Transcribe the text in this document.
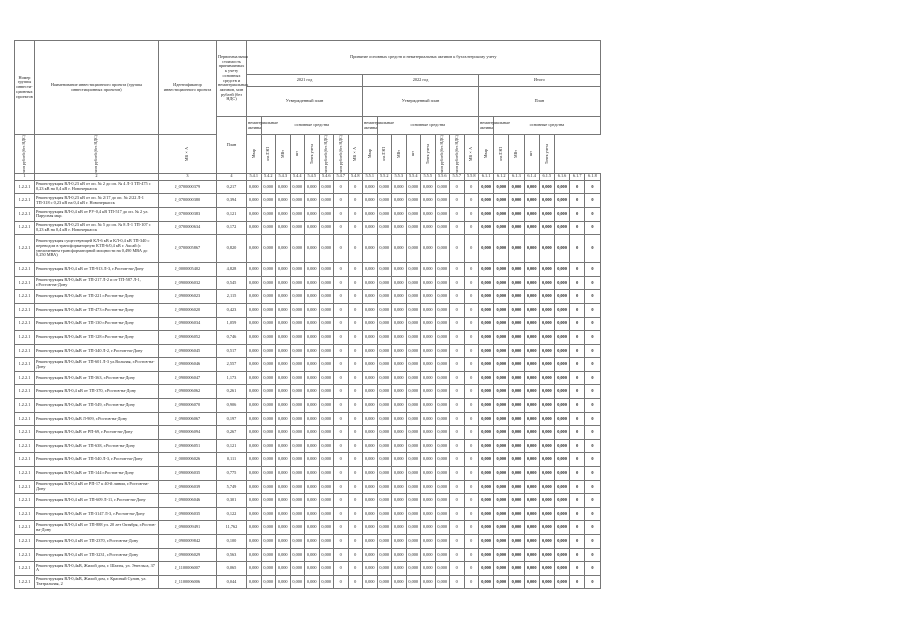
Номер группы инвести-ционных проектов	Наименование инвестиционного проекта (группы инвестиционных проектов)	Идентификатор инвестиционного проекта	Первоначальная стоимость принимаемых к учету основных средств и нематериальных активов, млн рублей (без НДС)	Принятие основных средств и нематериальных активов к бухгалтерскому учету																							
				2021 год								2022 год								Итого							
				Утвержденный план								Утвержденный план								План							
			План	нематериальные активы	основные средства							нематериальные активы	основные средства							нематериальные активы	основные средства						

млн рублей (без НДС)	млн рублей (без НДС)	МВ×А		Мвар	км ЛЭП	МВт	шт	Точек учета	млн рублей (без НДС)	млн рублей (без НДС)	МВ×А	Мвар	км ЛЭП	МВт	шт	Точек учета	млн рублей (без НДС)	млн рублей (без НДС)	МВ×А	Мвар	км ЛЭП	МВт	шт	Точек учета			

1	2	3	4	5.4.1	5.4.2	5.4.3	5.4.4	5.4.5	5.4.6	5.4.7	5.4.8	5.5.1	5.5.2	5.5.3	5.5.4	5.5.5	5.5.6	5.5.7	5.5.8	6.1.1	6.1.2	6.1.3	6.1.4	6.1.5	6.1.6	6.1.7	6.1.8
1.2.2.1	Реконструкция ВЛ-0,23 кВ от оп. № 2 до оп. № 4 Л-3 ТП-475 с 0,23 кВ на 0,4 кВ г. Новочеркасск	J_0700000379	0,217	0,000	0,000	0,000	0,000	0,000	0,000	0	0	0,000	0,000	0,000	0,000	0,000	0,000	0	0	0,000	0,000	0,000	0,000	0,000	0,000	0	0
1.2.2.1	Реконструкция ВЛ-0,23 кВ от оп. № 2/17 до оп. № 2/22 Л-1 ТП-318 с 0,23 кВ на 0,4 кВ г. Новочеркасск	J_0700000380	0,394	0,000	0,000	0,000	0,000	0,000	0,000	0	0	0,000	0,000	0,000	0,000	0,000	0,000	0	0	0,000	0,000	0,000	0,000	0,000	0,000	0	0
1.2.2.1	Реконструкция ВЛ-0,4 кВ от РУ-0,4 кВ ТП-517 до оп. № 2 ул. Парусная мкр.	J_0700000383	0,121	0,000	0,000	0,000	0,000	0,000	0,000	0	0	0,000	0,000	0,000	0,000	0,000	0,000	0	0	0,000	0,000	0,000	0,000	0,000	0,000	0	0
1.2.2.1	Реконструкция ВЛ-0,23 кВ от оп. № 5 до оп. № 8 Л-1 ТП-107 с 0,23 кВ на 0,4 кВ г. Новочеркасск	J_0700000634	0,172	0,000	0,000	0,000	0,000	0,000	0,000	0	0	0,000	0,000	0,000	0,000	0,000	0,000	0	0	0,000	0,000	0,000	0,000	0,000	0,000	0	0
1.2.2.1	Реконструкция существующей КЛ-6 кВ и КЛ-0,4 кВ ТП-340 с переводом в трансформаторную КТП-6/0,4 кВ г. Аксай (с увеличением трансформаторной мощности на 0,490 МВА до 0,250 МВА)	J_0700005867	0,820	0,000	0,000	0,000	0,000	0,000	0,000	0	0	0,000	0,000	0,000	0,000	0,000	0,000	0	0	0,000	0,000	0,000	0,000	0,000	0,000	0	0
1.2.2.1	Реконструкция ВЛ-0,4 кВ от ТП-913 Л-3, г.Ростов-на-Дону	J_0000005402	4,828	0,000	0,000	0,000	0,000	0,000	0,000	0	0	0,000	0,000	0,000	0,000	0,000	0,000	0	0	0,000	0,000	0,000	0,000	0,000	0,000	0	0
1.2.2.1	Реконструкция ВЛ-0,4кВ от ТП-217 Л-2 и от ТП-587 Л-1, г.Ростов-на-Дону	J_0900006032	0,545	0,000	0,000	0,000	0,000	0,000	0,000	0	0	0,000	0,000	0,000	0,000	0,000	0,000	0	0	0,000	0,000	0,000	0,000	0,000	0,000	0	0
1.2.2.1	Реконструкция ВЛ-0,4кВ от ТП-221 г.Ростов-на-Дону	J_0900006023	2,115	0,000	0,000	0,000	0,000	0,000	0,000	0	0	0,000	0,000	0,000	0,000	0,000	0,000	0	0	0,000	0,000	0,000	0,000	0,000	0,000	0	0
1.2.2.1	Реконструкция ВЛ-0,4кВ от ТП-473 г.Ростов-на-Дону	J_0900006020	0,423	0,000	0,000	0,000	0,000	0,000	0,000	0	0	0,000	0,000	0,000	0,000	0,000	0,000	0	0	0,000	0,000	0,000	0,000	0,000	0,000	0	0
1.2.2.1	Реконструкция ВЛ-0,4кВ от ТП-130 г.Ростов-на-Дону	J_0900006034	1,059	0,000	0,000	0,000	0,000	0,000	0,000	0	0	0,000	0,000	0,000	0,000	0,000	0,000	0	0	0,000	0,000	0,000	0,000	0,000	0,000	0	0
1.2.2.1	Реконструкция ВЛ-0,4кВ от ТП-128 г.Ростов-на-Дону	J_0900006052	0,746	0,000	0,000	0,000	0,000	0,000	0,000	0	0	0,000	0,000	0,000	0,000	0,000	0,000	0	0	0,000	0,000	0,000	0,000	0,000	0,000	0	0
1.2.2.1	Реконструкция ВЛ-0,4кВ от ТП-340 Л-2, г.Ростов-на-Дону	J_0900006045	0,517	0,000	0,000	0,000	0,000	0,000	0,000	0	0	0,000	0,000	0,000	0,000	0,000	0,000	0	0	0,000	0,000	0,000	0,000	0,000	0,000	0	0
1.2.2.1	Реконструкция ВЛ-0,4кВ от ТП-601 Л-3 ул.Вольная, г.Ростов-на-Дону	J_0900006046	2,557	0,000	0,000	0,000	0,000	0,000	0,000	0	0	0,000	0,000	0,000	0,000	0,000	0,000	0	0	0,000	0,000	0,000	0,000	0,000	0,000	0	0
1.2.2.1	Реконструкция ВЛ-0,4кВ от ТП-363, г.Ростов-на-Дону	J_0900006047	1,173	0,000	0,000	0,000	0,000	0,000	0,000	0	0	0,000	0,000	0,000	0,000	0,000	0,000	0	0	0,000	0,000	0,000	0,000	0,000	0,000	0	0
1.2.2.1	Реконструкция ВЛ-0,4 кВ от ТП-370, г.Ростов-на-Дону	J_0900006062	0,261	0,000	0,000	0,000	0,000	0,000	0,000	0	0	0,000	0,000	0,000	0,000	0,000	0,000	0	0	0,000	0,000	0,000	0,000	0,000	0,000	0	0
1.2.2.1	Реконструкция ВЛ-0,4кВ от ТП-549, г.Ростов-на-Дону	J_0900006070	0,906	0,000	0,000	0,000	0,000	0,000	0,000	0	0	0,000	0,000	0,000	0,000	0,000	0,000	0	0	0,000	0,000	0,000	0,000	0,000	0,000	0	0
1.2.2.1	Реконструкция ВЛ-0,4кВ Л-909, г.Ростов-на-Дону	J_0900006067	0,197	0,000	0,000	0,000	0,000	0,000	0,000	0	0	0,000	0,000	0,000	0,000	0,000	0,000	0	0	0,000	0,000	0,000	0,000	0,000	0,000	0	0
1.2.2.1	Реконструкция ВЛ-0,4кВ от РП-69, г.Ростов-на-Дону	J_0900006094	0,267	0,000	0,000	0,000	0,000	0,000	0,000	0	0	0,000	0,000	0,000	0,000	0,000	0,000	0	0	0,000	0,000	0,000	0,000	0,000	0,000	0	0
1.2.2.1	Реконструкция ВЛ-0,4кВ от ТП-638, г.Ростов-на-Дону	J_0900006051	0,121	0,000	0,000	0,000	0,000	0,000	0,000	0	0	0,000	0,000	0,000	0,000	0,000	0,000	0	0	0,000	0,000	0,000	0,000	0,000	0,000	0	0
1.2.2.1	Реконструкция ВЛ-0,4кВ от ТП-540 Л-3, г.Ростов-на-Дону	J_0000006026	0,111	0,000	0,000	0,000	0,000	0,000	0,000	0	0	0,000	0,000	0,000	0,000	0,000	0,000	0	0	0,000	0,000	0,000	0,000	0,000	0,000	0	0
1.2.2.1	Реконструкция ВЛ-0,4кВ от ТП-144 г.Ростов-на-Дону	J_0900006035	0,775	0,000	0,000	0,000	0,000	0,000	0,000	0	0	0,000	0,000	0,000	0,000	0,000	0,000	0	0	0,000	0,000	0,000	0,000	0,000	0,000	0	0
1.2.2.1	Реконструкция ВЛ-0,4 кВ от РП-17 к 40-й линии, г.Ростов-на-Дону	J_0900006039	5,749	0,000	0,000	0,000	0,000	0,000	0,000	0	0	0,000	0,000	0,000	0,000	0,000	0,000	0	0	0,000	0,000	0,000	0,000	0,000	0,000	0	0
1.2.2.1	Реконструкция ВЛ-0,4 кВ от ТП-609 Л-11, г.Ростов-на-Дону	J_0900006046	0,301	0,000	0,000	0,000	0,000	0,000	0,000	0	0	0,000	0,000	0,000	0,000	0,000	0,000	0	0	0,000	0,000	0,000	0,000	0,000	0,000	0	0
1.2.2.1	Реконструкция ВЛ-0,4кВ от ТП-3147 Л-3, г.Ростов-на-Дону	J_0900006035	0,122	0,000	0,000	0,000	0,000	0,000	0,000	0	0	0,000	0,000	0,000	0,000	0,000	0,000	0	0	0,000	0,000	0,000	0,000	0,000	0,000	0	0
1.2.2.1	Реконструкция ВЛ-0,4 кВ от ТП-888 ул. 20 лет Октября, г.Ростов-на-Дону	J_0900009491	11,762	0,000	0,000	0,000	0,000	0,000	0,000	0	0	0,000	0,000	0,000	0,000	0,000	0,000	0	0	0,000	0,000	0,000	0,000	0,000	0,000	0	0
1.2.2.1	Реконструкция ВЛ-0,4 кВ от ТП-2370, г.Ростов-на-Дону	J_0900009842	0,100	0,000	0,000	0,000	0,000	0,000	0,000	0	0	0,000	0,000	0,000	0,000	0,000	0,000	0	0	0,000	0,000	0,000	0,000	0,000	0,000	0	0
1.2.2.1	Реконструкция ВЛ-0,4 кВ от ТП-3231, г.Ростов-на-Дону	J_0900006029	0,563	0,000	0,000	0,000	0,000	0,000	0,000	0	0	0,000	0,000	0,000	0,000	0,000	0,000	0	0	0,000	0,000	0,000	0,000	0,000	0,000	0	0
1.2.2.1	Реконструкция ВЛ-0,4кВ, Жилой дом, г. Шахты, ул. Энгельса, 37 А	J_1100006007	0,065	0,000	0,000	0,000	0,000	0,000	0,000	0	0	0,000	0,000	0,000	0,000	0,000	0,000	0	0	0,000	0,000	0,000	0,000	0,000	0,000	0	0
1.2.2.1	Реконструкция ВЛ-0,4кВ, Жилой дом, г. Красный Сулин, ул. Театральная, 2	J_1100006006	0,044	0,000	0,000	0,000	0,000	0,000	0,000	0	0	0,000	0,000	0,000	0,000	0,000	0,000	0	0	0,000	0,000	0,000	0,000	0,000	0,000	0	0
